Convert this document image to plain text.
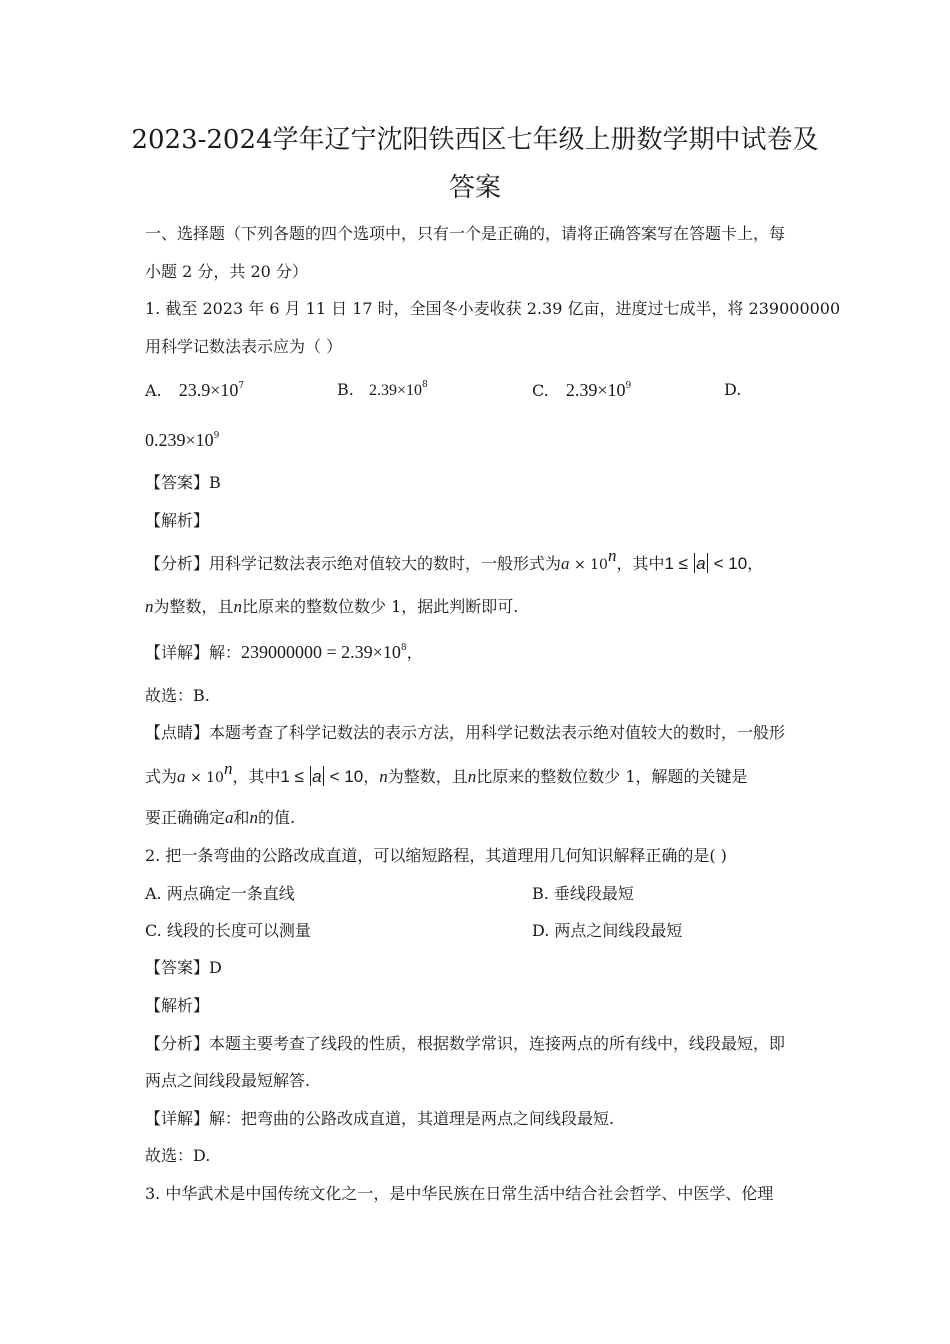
2023-2024学年辽宁沈阳铁西区七年级上册数学期中试卷及
答案
一、选择题（下列各题的四个选项中，只有一个是正确的，请将正确答案写在答题卡上，每
小题 2 分，共 20 分）
1. 截至 2023 年 6 月 11 日 17 时，全国冬小麦收获 2.39 亿亩，进度过七成半，将 239000000
用科学记数法表示应为（ ）
A. $23.9\times 10^7$	B. $2.39\times 10^8$	C. $2.39\times 10^9$	D.
$0.239\times 10^9$
【答案】B
【解析】
【分析】用科学记数法表示绝对值较大的数时，一般形式为$a \times 10^n$，其中1 ≤ a < 10，
n为整数，且n比原来的整数位数少 1，据此判断即可.
【详解】解：$239000000 = 2.39\times 10^8$，
故选：B.
【点睛】本题考查了科学记数法的表示方法，用科学记数法表示绝对值较大的数时，一般形
式为$a \times 10^n$，其中1 ≤ a < 10，n为整数，且n比原来的整数位数少 1，解题的关键是
要正确确定a和n的值.
2. 把一条弯曲的公路改成直道，可以缩短路程，其道理用几何知识解释正确的是( )
A. 两点确定一条直线	B. 垂线段最短
C. 线段的长度可以测量	D. 两点之间线段最短
【答案】D
【解析】
【分析】本题主要考查了线段的性质，根据数学常识，连接两点的所有线中，线段最短，即
两点之间线段最短解答.
【详解】解：把弯曲的公路改成直道，其道理是两点之间线段最短.
故选：D.
3. 中华武术是中国传统文化之一，是中华民族在日常生活中结合社会哲学、中医学、伦理
